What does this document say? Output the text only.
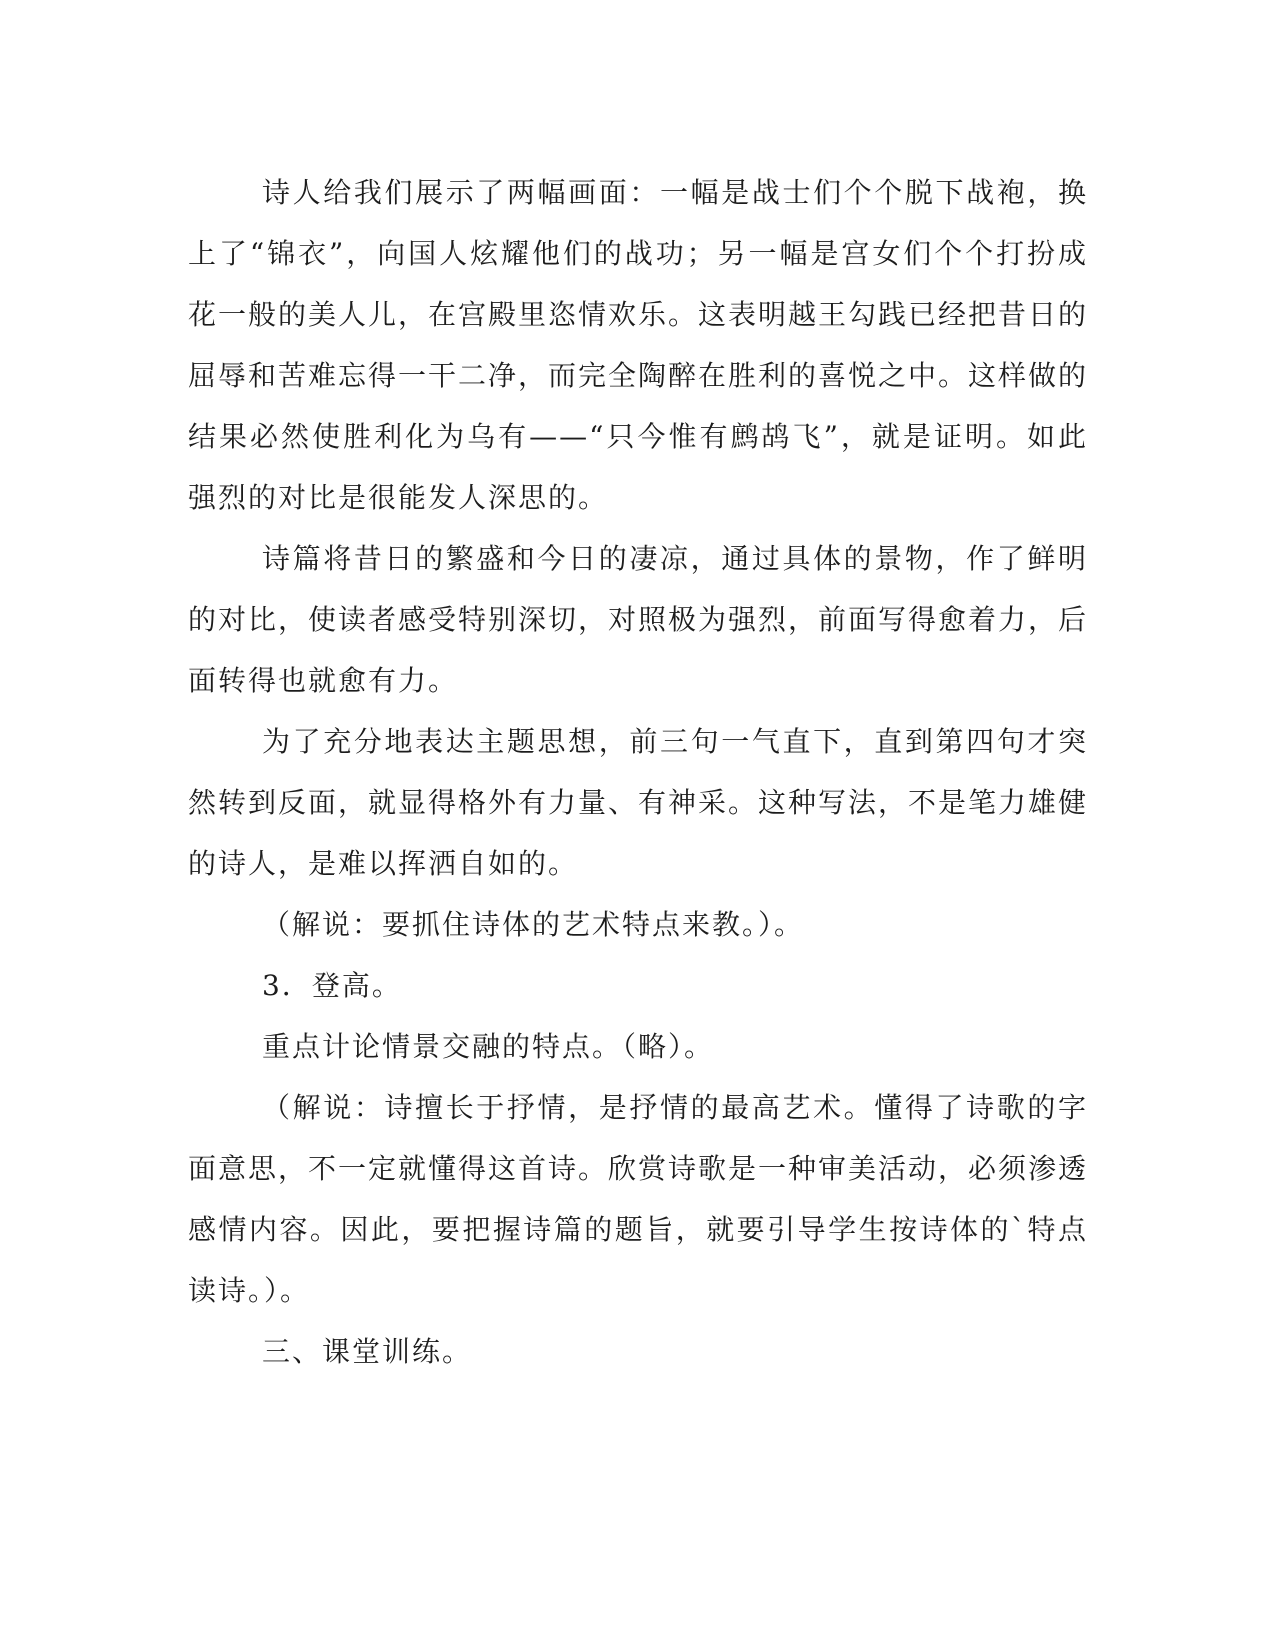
诗人给我们展示了两幅画面：一幅是战士们个个脱下战袍，换上了“锦衣”，向国人炫耀他们的战功；另一幅是宫女们个个打扮成花一般的美人儿，在宫殿里恣情欢乐。这表明越王勾践已经把昔日的屈辱和苦难忘得一干二净，而完全陶醉在胜利的喜悦之中。这样做的结果必然使胜利化为乌有——“只今惟有鹧鸪飞”，就是证明。如此强烈的对比是很能发人深思的。

诗篇将昔日的繁盛和今日的凄凉，通过具体的景物，作了鲜明的对比，使读者感受特别深切，对照极为强烈，前面写得愈着力，后面转得也就愈有力。

为了充分地表达主题思想，前三句一气直下，直到第四句才突然转到反面，就显得格外有力量、有神采。这种写法，不是笔力雄健的诗人，是难以挥洒自如的。

（解说：要抓住诗体的艺术特点来教。）。

3．登高。

重点计论情景交融的特点。（略）。

（解说：诗擅长于抒情，是抒情的最高艺术。懂得了诗歌的字面意思，不一定就懂得这首诗。欣赏诗歌是一种审美活动，必须渗透感情内容。因此，要把握诗篇的题旨，就要引导学生按诗体的`特点读诗。）。

三、课堂训练。
